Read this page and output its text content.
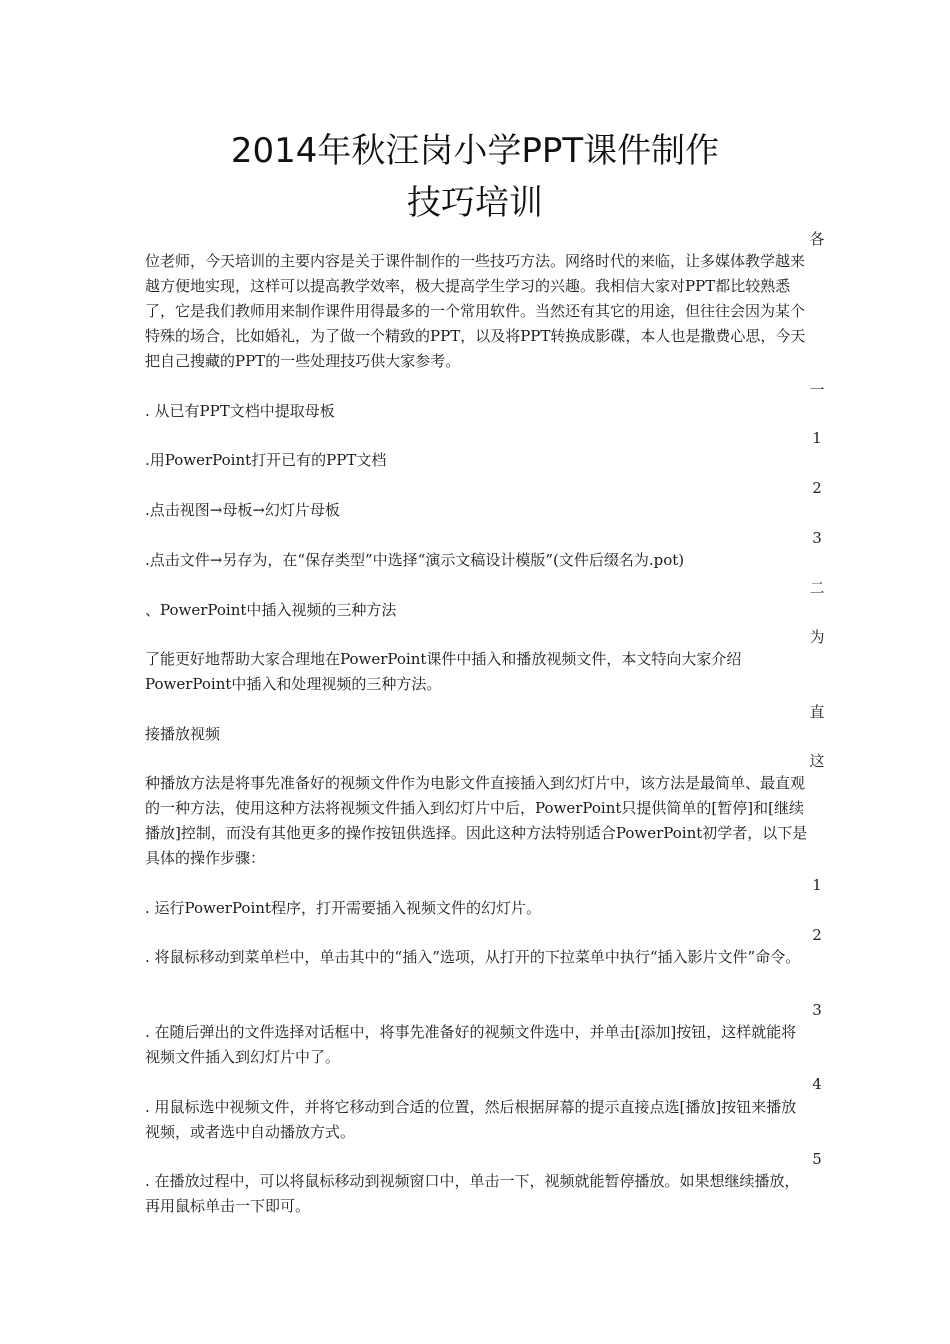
2014年秋汪岗小学PPT课件制作
技巧培训
各
位老师，今天培训的主要内容是关于课件制作的一些技巧方法。网络时代的来临，让多媒体教学越来越方便地实现，这样可以提高教学效率，极大提高学生学习的兴趣。我相信大家对PPT都比较熟悉了，它是我们教师用来制作课件用得最多的一个常用软件。当然还有其它的用途，但往往会因为某个特殊的场合，比如婚礼，为了做一个精致的PPT，以及将PPT转换成影碟，本人也是撒费心思，今天把自己搜藏的PPT的一些处理技巧供大家参考。
一
. 从已有PPT文档中提取母板
1
.用PowerPoint打开已有的PPT文档
2
.点击视图→母板→幻灯片母板
3
.点击文件→另存为，在“保存类型”中选择“演示文稿设计模版”(文件后缀名为.pot)
二
、PowerPoint中插入视频的三种方法
为
了能更好地帮助大家合理地在PowerPoint课件中插入和播放视频文件，本文特向大家介绍PowerPoint中插入和处理视频的三种方法。
直
接播放视频
这
种播放方法是将事先准备好的视频文件作为电影文件直接插入到幻灯片中，该方法是最简单、最直观的一种方法，使用这种方法将视频文件插入到幻灯片中后，PowerPoint只提供简单的[暂停]和[继续播放]控制，而没有其他更多的操作按钮供选择。因此这种方法特别适合PowerPoint初学者，以下是具体的操作步骤：
1
. 运行PowerPoint程序，打开需要插入视频文件的幻灯片。
2
. 将鼠标移动到菜单栏中，单击其中的“插入”选项，从打开的下拉菜单中执行“插入影片文件”命令。
3
. 在随后弹出的文件选择对话框中，将事先准备好的视频文件选中，并单击[添加]按钮，这样就能将视频文件插入到幻灯片中了。
4
. 用鼠标选中视频文件，并将它移动到合适的位置，然后根据屏幕的提示直接点选[播放]按钮来播放视频，或者选中自动播放方式。
5
. 在播放过程中，可以将鼠标移动到视频窗口中，单击一下，视频就能暂停播放。如果想继续播放，再用鼠标单击一下即可。
